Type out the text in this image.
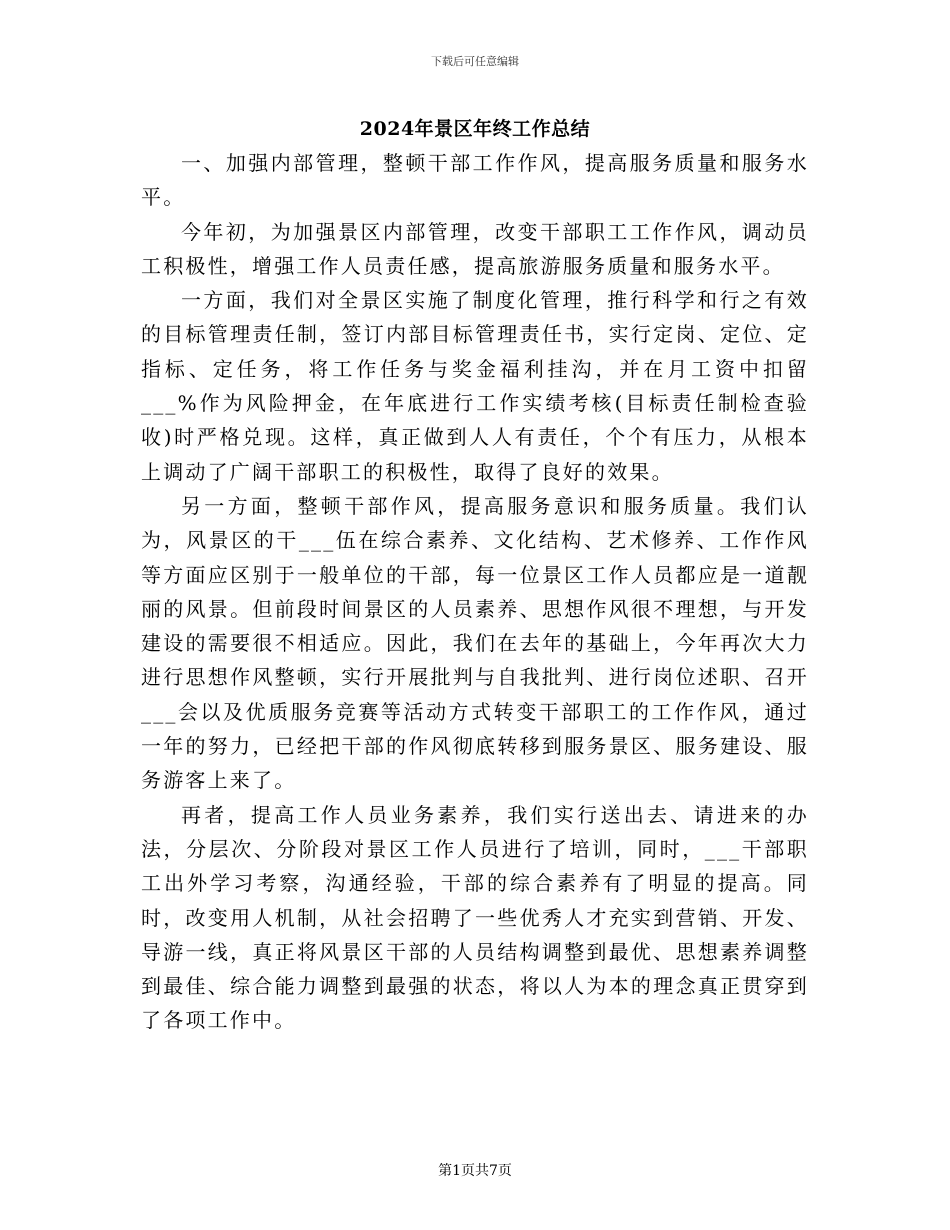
下载后可任意编辑
2024年景区年终工作总结

一、加强内部管理，整顿干部工作作风，提高服务质量和服务水平。

今年初，为加强景区内部管理，改变干部职工工作作风，调动员工积极性，增强工作人员责任感，提高旅游服务质量和服务水平。

一方面，我们对全景区实施了制度化管理，推行科学和行之有效的目标管理责任制，签订内部目标管理责任书，实行定岗、定位、定指标、定任务，将工作任务与奖金福利挂沟，并在月工资中扣留___%作为风险押金，在年底进行工作实绩考核(目标责任制检查验收)时严格兑现。这样，真正做到人人有责任，个个有压力，从根本上调动了广阔干部职工的积极性，取得了良好的效果。

另一方面，整顿干部作风，提高服务意识和服务质量。我们认为，风景区的干___伍在综合素养、文化结构、艺术修养、工作作风等方面应区别于一般单位的干部，每一位景区工作人员都应是一道靓丽的风景。但前段时间景区的人员素养、思想作风很不理想，与开发建设的需要很不相适应。因此，我们在去年的基础上，今年再次大力进行思想作风整顿，实行开展批判与自我批判、进行岗位述职、召开___会以及优质服务竞赛等活动方式转变干部职工的工作作风，通过一年的努力，已经把干部的作风彻底转移到服务景区、服务建设、服务游客上来了。

再者，提高工作人员业务素养，我们实行送出去、请进来的办法，分层次、分阶段对景区工作人员进行了培训，同时，___干部职工出外学习考察，沟通经验，干部的综合素养有了明显的提高。同时，改变用人机制，从社会招聘了一些优秀人才充实到营销、开发、导游一线，真正将风景区干部的人员结构调整到最优、思想素养调整到最佳、综合能力调整到最强的状态，将以人为本的理念真正贯穿到了各项工作中。

第1页共7页
